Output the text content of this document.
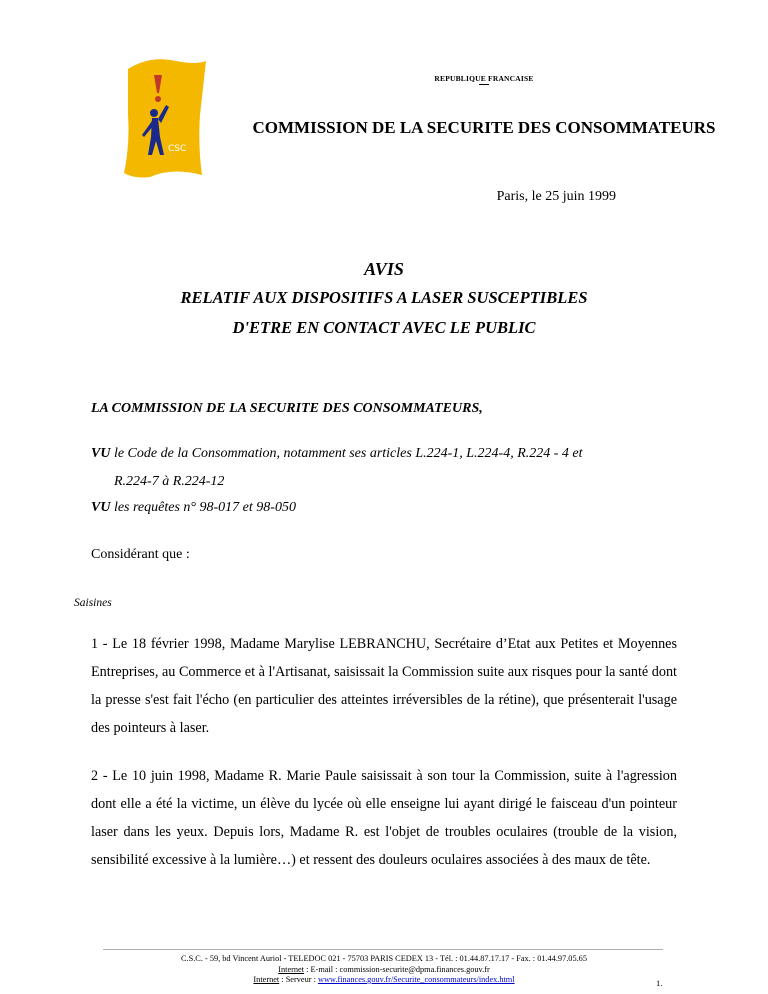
CSC
REPUBLIQUE FRANCAISE
COMMISSION DE LA SECURITE DES CONSOMMATEURS
Paris, le 25 juin 1999
AVIS
RELATIF AUX DISPOSITIFS A LASER SUSCEPTIBLES
D'ETRE EN CONTACT AVEC LE PUBLIC
LA COMMISSION DE LA SECURITE DES CONSOMMATEURS,
VU le Code de la Consommation, notamment ses articles L.224-1, L.224-4, R.224 - 4 et
R.224-7 à R.224-12
VU les requêtes n° 98-017 et 98-050
Considérant que :
Saisines
1 - Le 18 février 1998, Madame Marylise LEBRANCHU, Secrétaire d’Etat aux Petites et Moyennes Entreprises, au Commerce et à l'Artisanat, saisissait la Commission suite aux risques pour la santé dont la presse s'est fait l'écho (en particulier des atteintes irréversibles de la rétine), que présenterait l'usage des pointeurs à laser.
2 - Le 10 juin 1998, Madame R. Marie Paule saisissait à son tour la Commission, suite à l'agression dont elle a été la victime, un élève du lycée où elle enseigne lui ayant dirigé le faisceau d'un pointeur laser dans les yeux. Depuis lors, Madame R. est l'objet de troubles oculaires (trouble de la vision, sensibilité excessive à la lumière…) et ressent des douleurs oculaires associées à des maux de tête.
C.S.C. - 59, bd Vincent Auriol - TELEDOC 021 - 75703 PARIS CEDEX 13 - Tél. : 01.44.87.17.17 - Fax. : 01.44.97.05.65
Internet : E-mail : commission-securite@dpma.finances.gouv.fr
Internet : Serveur : www.finances.gouv.fr/Securite_consommateurs/index.html	1.
